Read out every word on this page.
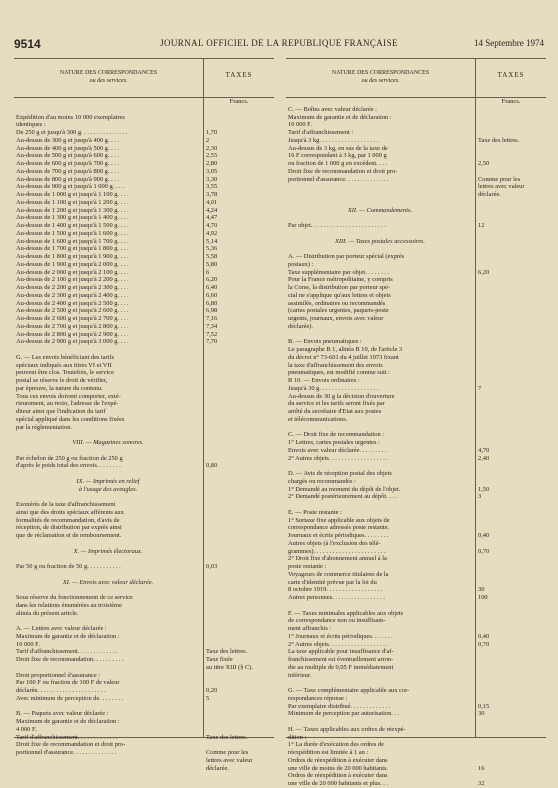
9514	JOURNAL OFFICIEL DE LA REPUBLIQUE FRANÇAISE	14 Septembre 1974
NATURE DES CORRESPONDANCES
ou des services.
TAXES
Francs.
Expédition d'au moins 10 000 exemplaires
identiques :
De 250 g et jusqu'à 300 g. . . . . . . . . . . . . . .	1,70
Au-dessus de 300 g et jusqu'à 400 g. . . .	2
Au-dessus de 400 g et jusqu'à 500 g. . . .	2,30
Au-dessus de 500 g et jusqu'à 600 g. . . .	2,55
Au-dessus de 600 g et jusqu'à 700 g. . . .	2,80
Au-dessus de 700 g et jusqu'à 800 g. . . .	3,05
Au-dessus de 800 g et jusqu'à 900 g. . . .	3,30
Au-dessus de 900 g et jusqu'à 1 000 g. . . .	3,55
Au-dessus de 1 000 g et jusqu'à 1 100 g. . . .	3,78
Au-dessus de 1 100 g et jusqu'à 1 200 g. . . .	4,01
Au-dessus de 1 200 g et jusqu'à 1 300 g. . . .	4,24
Au-dessus de 1 300 g et jusqu'à 1 400 g. . . .	4,47
Au-dessus de 1 400 g et jusqu'à 1 500 g. . . .	4,70
Au-dessus de 1 500 g et jusqu'à 1 600 g. . . .	4,92
Au-dessus de 1 600 g et jusqu'à 1 700 g. . . .	5,14
Au-dessus de 1 700 g et jusqu'à 1 800 g. . . .	5,36
Au-dessus de 1 800 g et jusqu'à 1 900 g. . . .	5,58
Au-dessus de 1 900 g et jusqu'à 2 000 g. . . .	5,80
Au-dessus de 2 000 g et jusqu'à 2 100 g. . . .	6
Au-dessus de 2 100 g et jusqu'à 2 200 g. . . .	6,20
Au-dessus de 2 200 g et jusqu'à 2 300 g. . . .	6,40
Au-dessus de 2 300 g et jusqu'à 2 400 g. . . .	6,60
Au-dessus de 2 400 g et jusqu'à 2 500 g. . . .	6,80
Au-dessus de 2 500 g et jusqu'à 2 600 g. . . .	6,98
Au-dessus de 2 600 g et jusqu'à 2 700 g. . . .	7,16
Au-dessus de 2 700 g et jusqu'à 2 800 g. . . .	7,34
Au-dessus de 2 800 g et jusqu'à 2 900 g. . . .	7,52
Au-dessus de 2 900 g et jusqu'à 3 000 g. . . .	7,70
G. — Les envois bénéficiant des tarifs
spéciaux indiqués aux titres VI et VII
peuvent être clos. Toutefois, le service
postal se réserve le droit de vérifier,
par épreuve, la nature du contenu.
Tous ces envois doivent comporter, exté-
rieurement, au recto, l'adresse de l'expé-
diteur ainsi que l'indication du tarif
spécial appliqué dans les conditions fixées
par la réglementation.
VIII. — Magazines sonores.
Par échelon de 250 g ou fraction de 250 g
d'après le poids total des envois. . . . . . . .	0,80
IX. — Imprimés en relief
à l'usage des aveugles.
Exonérés de la taxe d'affranchissement
ainsi que des droits spéciaux afférents aux
formalités de recommandation, d'avis de
réception, de distribution par exprès ainsi
que de réclamation et de remboursement.
X. — Imprimés électoraux.
Par 50 g ou fraction de 50 g. . . . . . . . . . .	0,03
XI. — Envois avec valeur déclarée.
Sous réserve du fonctionnement de ce service
dans les relations énumérées au troisième
alinéa du présent article.
A. — Lettres avec valeur déclarée :
Maximum de garantie et de déclaration :
10 000 F.
Tarif d'affranchissement. . . . . . . . . . . . .	Taxe des lettres.
Droit fixe de recommandation. . . . . . . . . .	Taxe fixée
au titre XIII (§ C).
Droit proportionnel d'assurance :
Par 100 F ou fraction de 100 F de valeur
déclarée. . . . . . . . . . . . . . . . . . . . . .	0,20
Avec minimum de perception de. . . . . . . .	5
B. — Paquets avec valeur déclarée :
Maximum de garantie et de déclaration :
4 000 F.
Tarif d'affranchissement. . . . . . . . . . . . .	Taxe des lettres.
Droit fixe de recommandation et droit pro-
portionnel d'assurance. . . . . . . . . . . . . .	Comme pour les
lettres avec valeur
déclarée.
NATURE DES CORRESPONDANCES
ou des services.
TAXES
Francs.
C. — Boîtes avec valeur déclarée :
Maximum de garantie et de déclaration :
10 000 F.
Tarif d'affranchissement :
Jusqu'à 3 kg. . . . . . . . . . . . . . . . . . .	Taxe des lettres.
Au-dessus de 3 kg, en sus de la taxe de
16 F correspondant à 3 kg, par 1 000 g
ou fraction de 1 000 g en excédent. . . .	2,50
Droit fixe de recommandation et droit pro-
portionnel d'assurance. . . . . . . . . . . . . .	Comme pour les
lettres avec valeur
déclarée.
XII. — Commandements.
Par objet. . . . . . . . . . . . . . . . . . . . . . . .	12
XIII. — Taxes postales accessoires.
A. — Distribution par porteur spécial (exprès
postaux) :
Taxe supplémentaire par objet. . . . . . . .	6,20
Pour la France métropolitaine, y compris
la Corse, la distribution par porteur spé-
cial ne s'applique qu'aux lettres et objets
assimilés, ordinaires ou recommandés
(cartes postales urgentes, paquets-poste
urgents, journaux, envois avec valeur
déclarée).
B. — Envois pneumatiques :
Le paragraphe B 1, alinéa B 10, de l'article 3
du décret n° 73-601 du 4 juillet 1973 fixant
la taxe d'affranchissement des envois
pneumatiques, est modifié comme suit :
B 10. — Envois ordinaires :
Jusqu'à 30 g. . . . . . . . . . . . . . . . . . .	7
Au-dessus de 30 g la décision d'ouverture
du service et les tarifs seront fixés par
arrêté du secrétaire d'Etat aux postes
et télécommunications.
C. — Droit fixe de recommandation :
1° Lettres, cartes postales urgentes :
Envois avec valeur déclarée. . . . . . . . .	4,70
2° Autres objets. . . . . . . . . . . . . . . . . . .	2,40
D. — Avis de réception postal des objets
chargés ou recommandés :
1° Demandé au moment du dépôt de l'objet.	1,50
2° Demandé postérieurement au dépôt. . . .	3
E. — Poste restante :
1° Surtaxe fixe applicable aux objets de
correspondance adressés poste restante.
Journaux et écrits périodiques. . . . . . . .	0,40
Autres objets (à l'exclusion des télé-
grammes). . . . . . . . . . . . . . . . . . . . . . .	0,70
2° Droit fixe d'abonnement annuel à la
poste restante :
Voyageurs de commerce titulaires de la
carte d'identité prévue par la loi du
8 octobre 1919. . . . . . . . . . . . . . . . . .	30
Autres personnes. . . . . . . . . . . . . . . . .	100
F. — Taxes minimales applicables aux objets
de correspondance non ou insuffisam-
ment affranchis :
1° Journaux et écrits périodiques. . . . . . .	0,40
2° Autres objets. . . . . . . . . . . . . . . . . . .	0,70
La taxe applicable pour insuffisance d'af-
franchissement est éventuellement arron-
die au multiple de 0,05 F immédiatement
inférieur.
G. — Taxe complémentaire applicable aux cor-
respondances réponse :
Par exemplaire distribué. . . . . . . . . . . . .	0,15
Minimum de perception par autorisation. . .	30
H. — Taxes applicables aux ordres de réexpé-
dition :
1° La durée d'exécution des ordres de
réexpédition est limitée à 1 an :
Ordres de réexpédition à exécuter dans
une ville de moins de 20 000 habitants.	16
Ordres de réexpédition à exécuter dans
une ville de 20 000 habitants et plus. . .	32
